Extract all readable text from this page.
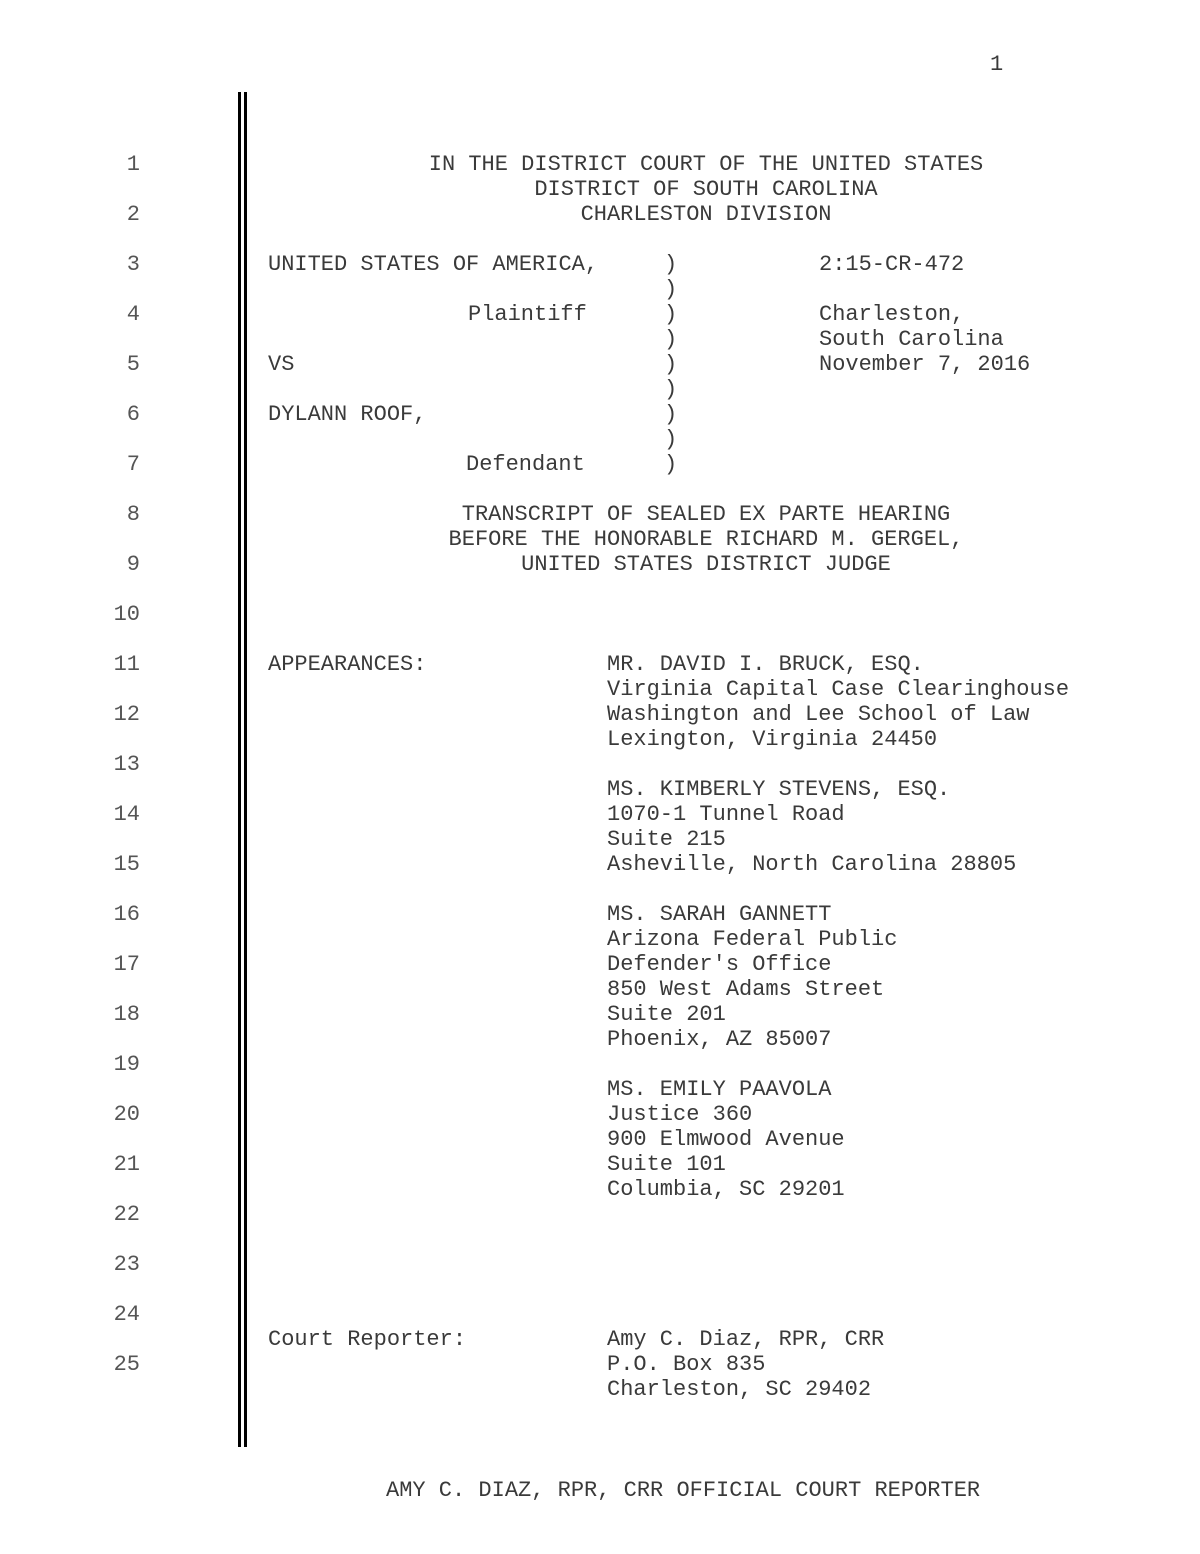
1
1
2
3
4
5
6
7
8
9
10
11
12
13
14
15
16
17
18
19
20
21
22
23
24
25
IN THE DISTRICT COURT OF THE UNITED STATES
DISTRICT OF SOUTH CAROLINA
CHARLESTON DIVISION
UNITED STATES OF AMERICA,
Plaintiff
VS
DYLANN ROOF,
Defendant
)
)
)
)
)
)
)
)
)
2:15-CR-472
Charleston,
South Carolina
November 7, 2016
TRANSCRIPT OF SEALED EX PARTE HEARING
BEFORE THE HONORABLE RICHARD M. GERGEL,
UNITED STATES DISTRICT JUDGE
APPEARANCES:	MR. DAVID I. BRUCK, ESQ.
Virginia Capital Case Clearinghouse
Washington and Lee School of Law
Lexington, Virginia 24450
MS. KIMBERLY STEVENS, ESQ.
1070-1 Tunnel Road
Suite 215
Asheville, North Carolina 28805
MS. SARAH GANNETT
Arizona Federal Public
Defender's Office
850 West Adams Street
Suite 201
Phoenix, AZ 85007
MS. EMILY PAAVOLA
Justice 360
900 Elmwood Avenue
Suite 101
Columbia, SC 29201
Court Reporter:	Amy C. Diaz, RPR, CRR
P.O. Box 835
Charleston, SC 29402
AMY C. DIAZ, RPR, CRR OFFICIAL COURT REPORTER
